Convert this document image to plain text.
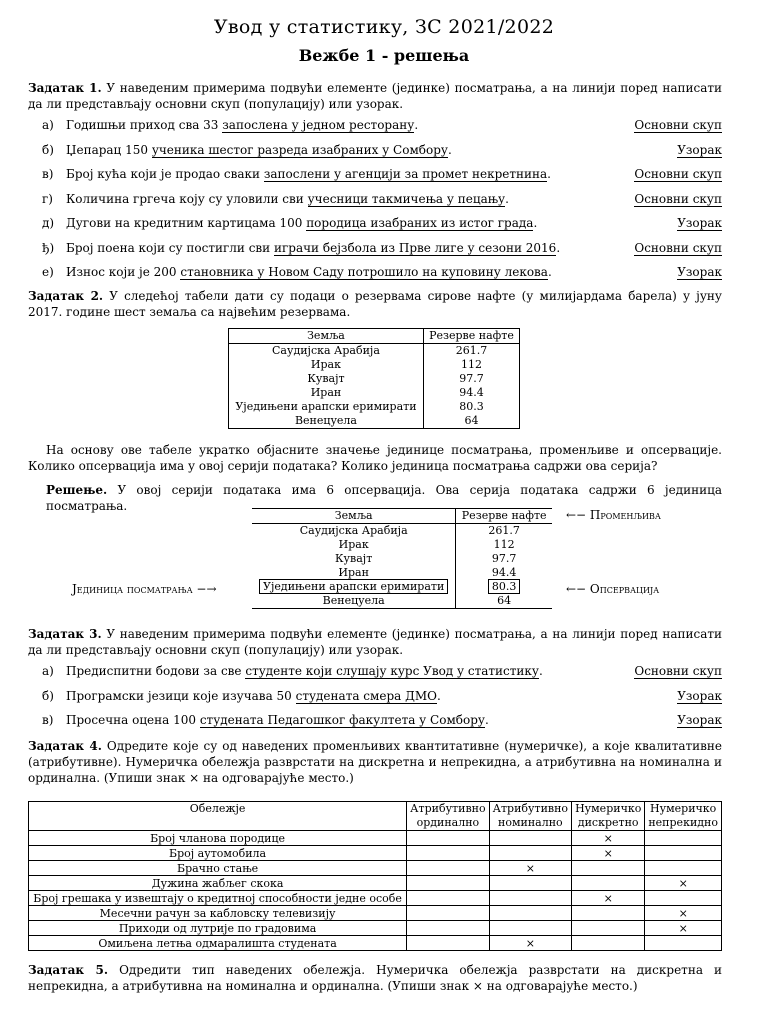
Увод у статистику, ЗС 2021/2022
Вежбе 1 - решења
Задатак 1. У наведеним примерима подвући елементе (јединке) посматрања, а на линији поред написати да ли представљају основни скуп (популацију) или узорак.
а) Годишњи приход сва 33 запослена у једном ресторану.	Основни скуп
б) Џепарац 150 ученика шестог разреда изабраних у Сомбору.	Узорак
в) Број кућа који је продао сваки запослени у агенцији за промет некретнина.	Основни скуп
г) Количина гргеча коју су уловили сви учесници такмичења у пецању.	Основни скуп
д) Дугови на кредитним картицама 100 породица изабраних из истог града.	Узорак
ђ) Број поена који су постигли сви играчи бејзбола из Прве лиге у сезони 2016.	Основни скуп
е) Износ који је 200 становника у Новом Саду потрошило на куповину лекова.	Узорак
Задатак 2. У следећој табели дати су подаци о резервама сирове нафте (у милијардама барела) у јуну 2017. године шест земаља са највећим резервама.
Земља	Резерве нафте
Саудијска Арабија	261.7
Ирак	112
Кувајт	97.7
Иран	94.4
Уједињени арапски еримирати	80.3
Венецуела	64
На основу ове табеле укратко објасните значење јединице посматрања, променљиве и опсервације. Колико опсервација има у овој серији података? Колико јединица посматрања садржи ова серија?
Решење. У овој серији података има 6 опсервација. Ова серија података садржи 6 јединица посматрања.
Земља	Резерве нафте
Саудијска Арабија	261.7
Ирак	112
Кувајт	97.7
Иран	94.4
Уједињени арапски еримирати	80.3
Венецуела	64
←− Променљива
Јединица посматрања −→	←− Опсервација
Задатак 3. У наведеним примерима подвући елементе (јединке) посматрања, а на линији поред написати да ли представљају основни скуп (популацију) или узорак.
а) Предиспитни бодови за све студенте који слушају курс Увод у статистику.	Основни скуп
б) Програмски језици које изучава 50 студената смера ДМО.	Узорак
в) Просечна оцена 100 студената Педагошког факултета у Сомбору.	Узорак
Задатак 4. Одредите које су од наведених променљивих квантитативне (нумеричке), а које квалитативне (атрибутивне). Нумеричка обележја разврстати на дискретна и непрекидна, а атрибутивна на номинална и ординална. (Упиши знак × на одговарајуће место.)
Обележје	Атрибутивно ординално	Атрибутивно номинално	Нумеричко дискретно	Нумеричко непрекидно
Број чланова породице			×	
Број аутомобила			×	
Брачно стање		×		
Дужина жабљег скока				×
Број грешака у извештају о кредитној способности једне особе			×	
Месечни рачун за кабловску телевизију				×
Приходи од лутрије по градовима				×
Омиљена летња одмаралишта студената		×		
Задатак 5. Одредити тип наведених обележја. Нумеричка обележја разврстати на дискретна и непрекидна, а атрибутивна на номинална и ординална. (Упиши знак × на одговарајуће место.)
